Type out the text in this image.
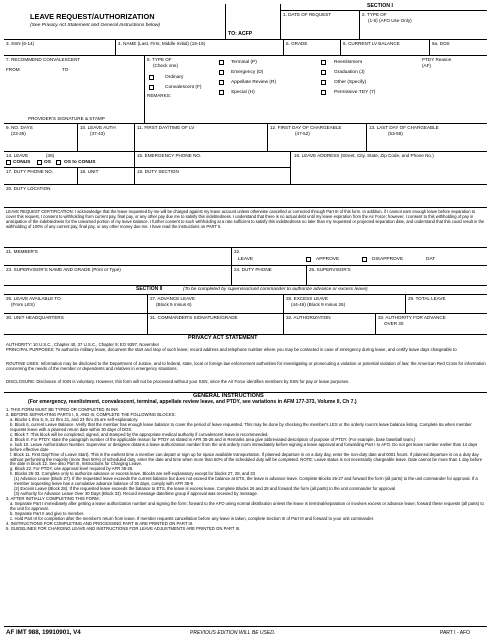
LEAVE REQUEST/AUTHORIZATION
(See Privacy Act Statement and General Instructions below)
TO: ACFP
SECTION I
1. DATE OF REQUEST	2. TYPE OF
(1-5) (AFO Use Only)
3. SSN (6-14)	4. NAME (Last, First, Middle Initial) (15-19)	5. GRADE	6. CURRENT LV BALANCE	6a. DOS
7. RECOMMEND CONVALESCENT
FROM	TO
PROVIDER'S SIGNATURE & STAMP
8. TYPE OF
(Check one)
Ordinary
Convalescent (F)
REMARKS:
Terminal (P)
Emergency (D)
Appellate Review (R)
Special (H)
Reenlistment
Graduation (J)
Other (Specify)
Permissive TDY (7)
PTDY Reason
(AF)
9. NO. DAYS
(23-35)
10. LEAVE AUTH
(37-43)
11. FIRST DAY/TIME OF LV	12. FIRST DAY OF CHARGEABLE
(47-52)
13. LAST DAY OF CHARGEABLE
(53-58)
14. LEAVE	(36)
CONUS	OS	OS to CONUS
15. EMERGENCY PHONE NO.	16. LEAVE ADDRESS (Street, City, State, Zip Code, and Phone No.)
17. DUTY PHONE NO.	18. UNIT	19. DUTY SECTION
20. DUTY LOCATION
LEAVE REQUEST CERTIFICATION: I acknowledge that the leave requested by me will be charged against my leave account unless otherwise cancelled or corrected through Part III of this form. In addition, if I cannot earn enough leave before separation to cover this request, I consent to withholding from current pay, final pay, or any other pay due me to satisfy this indebtedness. I understand that there is no actual debt until my leave expiration from the Air Force; however, I consent to this withholding of pay in anticipation of the indebtedness for the unearned portion of my leave balance. I further consent to such withholding at a rate sufficient to satisfy this indebtedness no later than my requested or projected separation date, and understand that this could result in the withholding of 100% of any current pay, final pay, or any other money due me. I have read the instructions on PART II.
21. MEMBER'S	22.
LEAVE	APPROVE	DISAPPROVE	DAT
23. SUPERVISOR'S NAME AND GRADE (Print or Type)	24. DUTY PHONE	25. SUPERVISOR'S
SECTION II	(To be completed by supervisor/unit commander to authorize advance or excess leave)
26. LEAVE AVAILABLE TO
(From LES)
27. ADVANCE LEAVE
(Block 9 minus 6)
28. EXCESS LEAVE
(44-46) (Block 9 minus 26)
29. TOTAL LEAVE
30. UNIT HEADQUARTERS	31. COMMANDER'S SIGNATURE/GRADE	32. AUTHORIZATION	33. AUTHORITY FOR ADVANCE
OVER 30
PRIVACY ACT STATEMENT
AUTHORITY: 10 U.S.C., Chapter 40, 37 U.S.C., Chapter 9; EO 9397, November
PRINCIPAL PURPOSES: To authorize military leave, document the start and stop of such leave; record address and telephone number where you may be contacted in case of emergency during leave, and certify leave days chargeable to
ROUTINE USES: Information may be disclosed to the Department of Justice, and to federal, state, local or foreign law enforcement authorities for investigating or prosecuting a violation or potential violation of law; the American Red Cross for information concerning the needs of the member or dependents and relatives in emergency situations.
DISCLOSURE: Disclosure of SSN is voluntary. However, this form will not be processed without your SSN, since the Air Force identifies members by SSN for pay or leave purposes.
GENERAL INSTRUCTIONS
(For emergency, reenlistment, convalescent, terminal, appellate review leave, and PTDY, see variations in AFM 177-373, Volume II, Ch 7.)
1. THIS FORM MUST BE TYPED OR COMPLETED IN INK
2. BEFORE SEPARATING PARTS I, II, AND III, COMPLETE THE FOLLOWING BLOCKS:
a. Blocks 1 thru 5, 9, 12 thru 21, and 23 thru 25 are self-explanatory.
b. Block 6, current Leave Balance. Verify that the member has enough leave balance to cover the period of leave requested. This may be done by checking the member's LES or the orderly room's leave balance listing. Complete 6a when member requests leave with a planned return date within 30 days of DOS.
c. Block 7. This block will be completed, signed, and stamped by the appropriate medical authority if convalescent leave is recommended.
d. Block 8. For PTDY, state the paragraph number of the applicable reason for PTDY as stated in AFR 35-26 and in Remarks area give abbreviated description of purpose of PTDY. (For example, base baseball team.)
e. lock 10. Leave Authorization Number. Supervisor or designee obtains a leave authorization number from the unit orderly room immediately before signing a leave approval and forwarding Part I to AFO. Do not get leave number earlier than 14 days before effective date
f. Block 11. First Day/Time of Leave Start). This is the earliest time a member can depart or sign up for space available transportation. If planned departure is on a duty day, enter the non-duty date and 0001 hours. If planned departure is on a duty day without performing the majority (more than 50%) of scheduled duty, enter the date and time when more than 50% of the scheduled duty will be completed. NOTE: Leave status is not necessarily chargeable leave. Date cannot be more than 1 day before the date in block 12. See also Part III, Instructions for Charging Leave.
g. Block 22. For PTDY, use approval level required by AFR 35-26.
h. Blocks 26-33. Complete only to authorize advance or excess leave. Blocks are self-explanatory except for blocks 27, 28, and 33
(1) Advance Leave (Block 27). If the requested leave exceeds the current balance but does not exceed the balance at ETS, the leave is advance leave. Complete Blocks 26-27 and forward the form (all parts) to the unit commander for approval. If a member requesting leave has a cumulative advance balance of 30 days, comply with AFR 35-9
(2) Excess Leave (Block 28). If the requested leave exceeds the balance to ETS, the leave is excess leave. Complete Blocks 26 and 28 and forward the form (all parts) to the unit commander for approval
(3) Authority for Advance Leave Over 30 Days (Block 33). Record message date/time group if approval was received by message.
3. AFTER INITIALLY COMPLETING THIS FORM:
a. Separate Part I immediately after getting a leave authorization number and signing the form; forward to the AFO using normal distribution unless the leave is terminal/separation or involves excess or advance leave; forward these requests (all parts) to the unit for approval.
b. Separate Part II and give to member.
c. Hold Part III for completion after the member's return from leave. If member requests cancellation before any leave is taken, complete Section III of Part III and forward to your unit commander.
4. INSTRUCTIONS FOR COMPLETING AND PROCESSING PART III ARE PRINTED ON PART III.
5. GUIDELINES FOR CHARGING LEAVE AND INSTRUCTIONS FOR LEAVE ADJUSTMENTS ARE PRINTED ON PART III.
AF IMT 988, 19910901, V4	PREVIOUS EDITION WILL BE USED.	PART I - AFO
